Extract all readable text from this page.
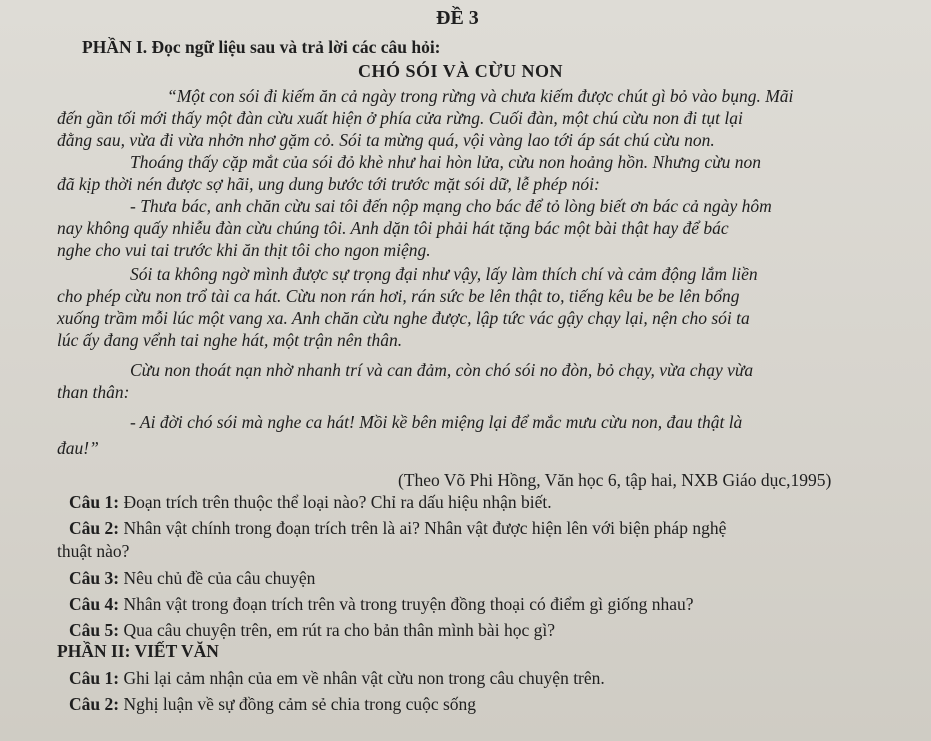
ĐỀ 3
PHẦN I. Đọc ngữ liệu sau và trả lời các câu hỏi:
CHÓ SÓI VÀ CỪU NON
“Một con sói đi kiếm ăn cả ngày trong rừng và chưa kiếm được chút gì bỏ vào bụng. Mãi
đến gần tối mới thấy một đàn cừu xuất hiện ở phía cửa rừng. Cuối đàn, một chú cừu non đi tụt lại
đằng sau, vừa đi vừa nhởn nhơ gặm cỏ. Sói ta mừng quá, vội vàng lao tới áp sát chú cừu non.
Thoáng thấy cặp mắt của sói đỏ khè như hai hòn lửa, cừu non hoảng hồn. Nhưng cừu non
đã kịp thời nén được sợ hãi, ung dung bước tới trước mặt sói dữ, lễ phép nói:
- Thưa bác, anh chăn cừu sai tôi đến nộp mạng cho bác để tỏ lòng biết ơn bác cả ngày hôm
nay không quấy nhiễu đàn cừu chúng tôi. Anh dặn tôi phải hát tặng bác một bài thật hay để bác
nghe cho vui tai trước khi ăn thịt tôi cho ngon miệng.
Sói ta không ngờ mình được sự trọng đại như vậy, lấy làm thích chí và cảm động lắm liền
cho phép cừu non trổ tài ca hát. Cừu non rán hơi, rán sức be lên thật to, tiếng kêu be be lên bổng
xuống trầm mỗi lúc một vang xa. Anh chăn cừu nghe được, lập tức vác gậy chạy lại, nện cho sói ta
lúc ấy đang vểnh tai nghe hát, một trận nên thân.
Cừu non thoát nạn nhờ nhanh trí và can đảm, còn chó sói no đòn, bỏ chạy, vừa chạy vừa
than thân:
- Ai đời chó sói mà nghe ca hát! Mồi kề bên miệng lại để mắc mưu cừu non, đau thật là
đau!”
(Theo Võ Phi Hồng, Văn học 6, tập hai, NXB Giáo dục,1995)
Câu 1: Đoạn trích trên thuộc thể loại nào? Chỉ ra dấu hiệu nhận biết.
Câu 2: Nhân vật chính trong đoạn trích trên là ai? Nhân vật được hiện lên với biện pháp nghệ
thuật nào?
Câu 3: Nêu chủ đề của câu chuyện
Câu 4: Nhân vật trong đoạn trích trên và trong truyện đồng thoại có điểm gì giống nhau?
Câu 5: Qua câu chuyện trên, em rút ra cho bản thân mình bài học gì?
PHẦN II: VIẾT VĂN
Câu 1: Ghi lại cảm nhận của em về nhân vật cừu non trong câu chuyện trên.
Câu 2: Nghị luận về sự đồng cảm sẻ chia trong cuộc sống
